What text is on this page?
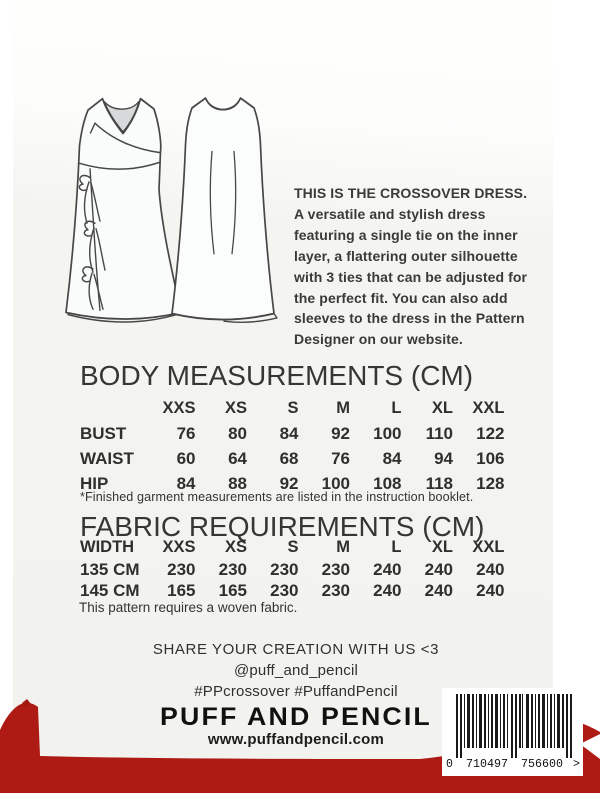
THIS IS THE CROSSOVER DRESS.
A versatile and stylish dress
featuring a single tie on the inner
layer, a flattering outer silhouette
with 3 ties that can be adjusted for
the perfect fit. You can also add
sleeves to the dress in the Pattern
Designer on our website.
BODY MEASUREMENTS (CM)
XXS	XS	S	M	L	XL	XXL
BUST	76	80	84	92	100	110	122
WAIST	60	64	68	76	84	94	106
HIP	84	88	92	100	108	118	128
*Finished garment measurements are listed in the instruction booklet.
FABRIC REQUIREMENTS (CM)
WIDTH	XXS	XS	S	M	L	XL	XXL
135 CM	230	230	230	230	240	240	240
145 CM	165	165	230	230	240	240	240
This pattern requires a woven fabric.
SHARE YOUR CREATION WITH US <3
@puff_and_pencil
#PPcrossover #PuffandPencil
PUFF AND PENCIL
www.puffandpencil.com
0 710497 756600 >
